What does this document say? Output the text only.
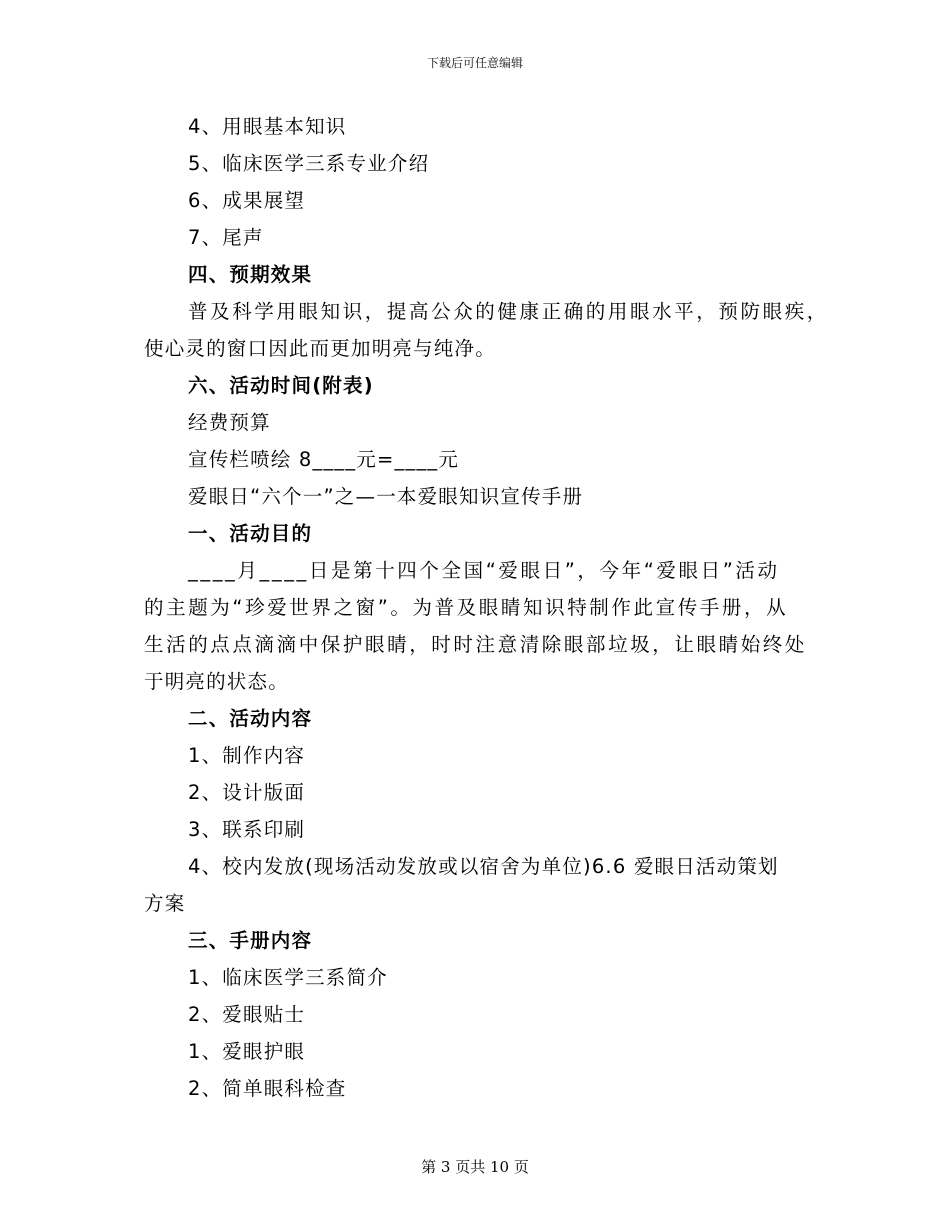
下载后可任意编辑
4、用眼基本知识
5、临床医学三系专业介绍
6、成果展望
7、尾声
四、预期效果
普及科学用眼知识，提高公众的健康正确的用眼水平，预防眼疾，
使心灵的窗口因此而更加明亮与纯净。
六、活动时间(附表)
经费预算
宣传栏喷绘 8____元=____元
爱眼日“六个一”之—一本爱眼知识宣传手册
一、活动目的
____月____日是第十四个全国“爱眼日”，今年“爱眼日”活动
的主题为“珍爱世界之窗”。为普及眼睛知识特制作此宣传手册，从
生活的点点滴滴中保护眼睛，时时注意清除眼部垃圾，让眼睛始终处
于明亮的状态。
二、活动内容
1、制作内容
2、设计版面
3、联系印刷
4、校内发放(现场活动发放或以宿舍为单位)6.6 爱眼日活动策划
方案
三、手册内容
1、临床医学三系简介
2、爱眼贴士
1、爱眼护眼
2、简单眼科检查
第 3 页共 10 页
